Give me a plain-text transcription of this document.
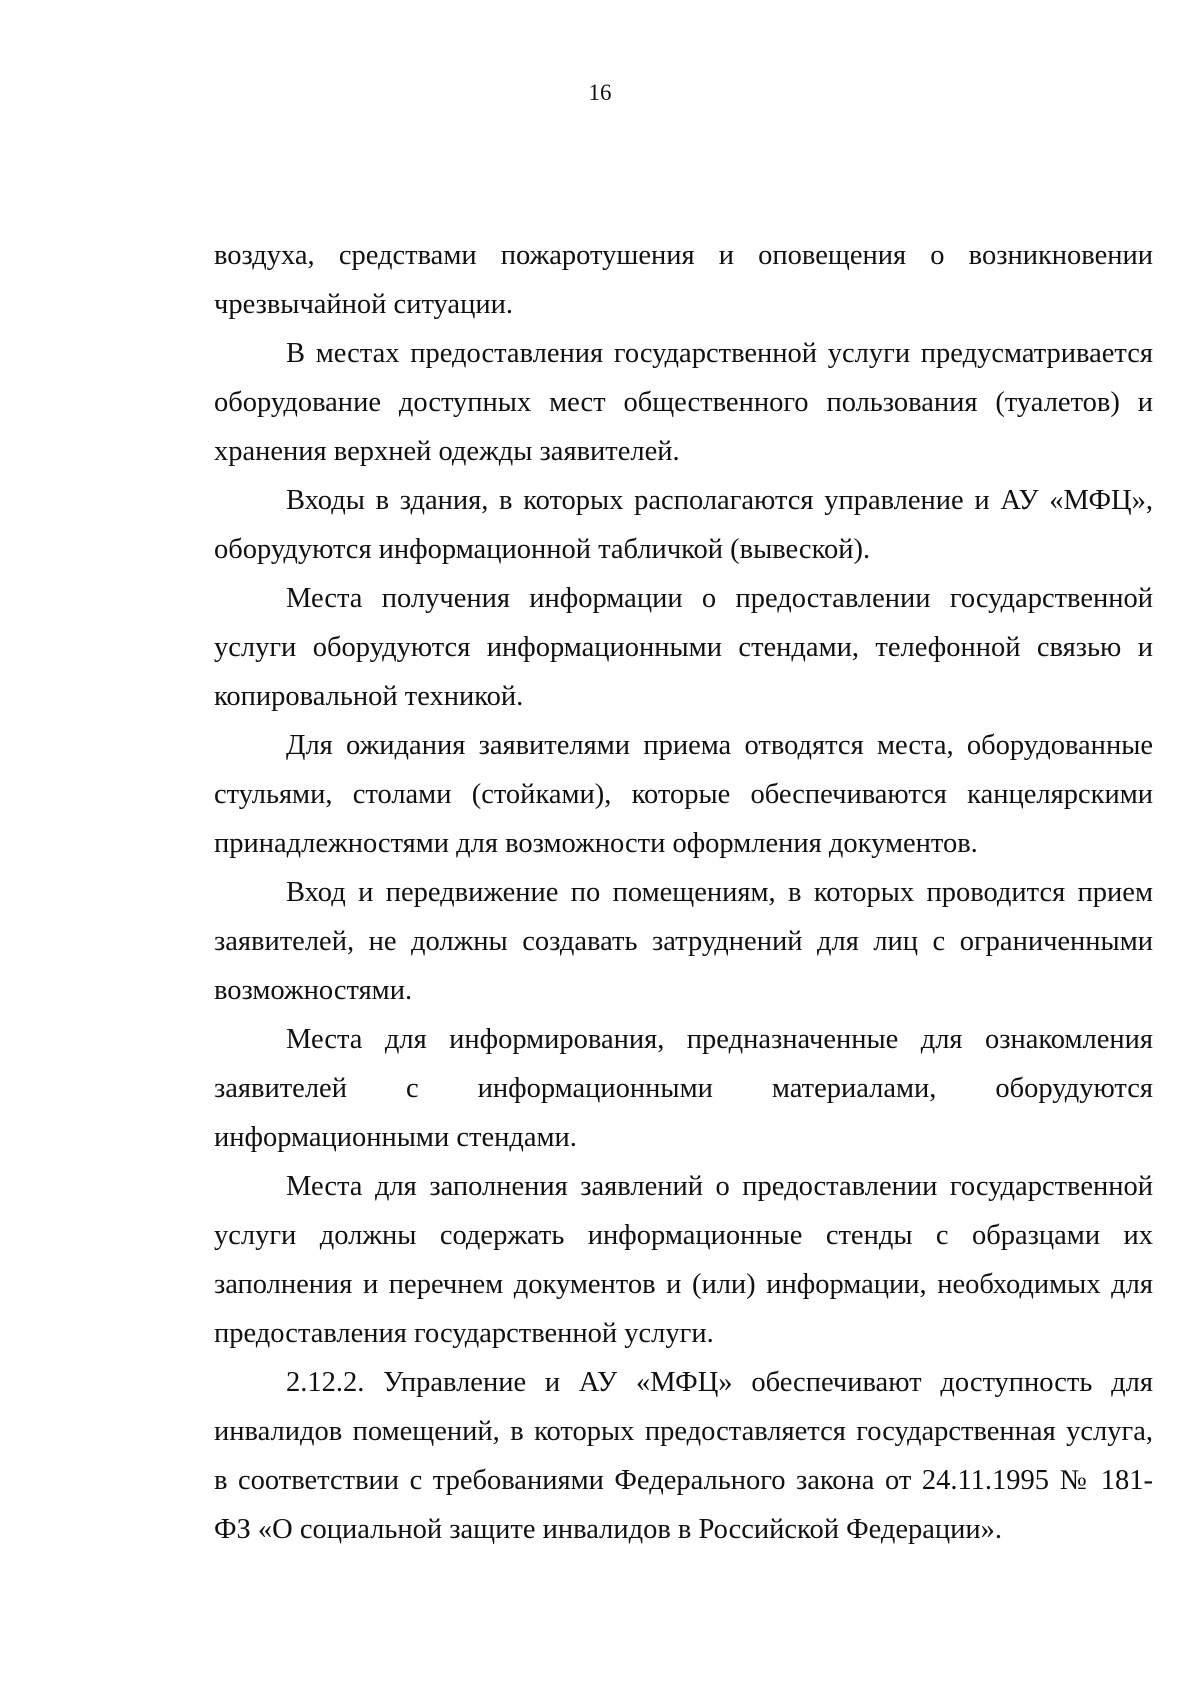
16

воздуха, средствами пожаротушения и оповещения о возникновении чрезвычайной ситуации.

В местах предоставления государственной услуги предусматривается оборудование доступных мест общественного пользования (туалетов) и хранения верхней одежды заявителей.

Входы в здания, в которых располагаются управление и АУ «МФЦ», оборудуются информационной табличкой (вывеской).

Места получения информации о предоставлении государственной услуги оборудуются информационными стендами, телефонной связью и копировальной техникой.

Для ожидания заявителями приема отводятся места, оборудованные стульями, столами (стойками), которые обеспечиваются канцелярскими принадлежностями для возможности оформления документов.

Вход и передвижение по помещениям, в которых проводится прием заявителей, не должны создавать затруднений для лиц с ограниченными возможностями.

Места для информирования, предназначенные для ознакомления заявителей с информационными материалами, оборудуются информационными стендами.

Места для заполнения заявлений о предоставлении государственной услуги должны содержать информационные стенды с образцами их заполнения и перечнем документов и (или) информации, необходимых для предоставления государственной услуги.

2.12.2. Управление и АУ «МФЦ» обеспечивают доступность для инвалидов помещений, в которых предоставляется государственная услуга, в соответствии с требованиями Федерального закона от 24.11.1995 № 181-ФЗ «О социальной защите инвалидов в Российской Федерации».
